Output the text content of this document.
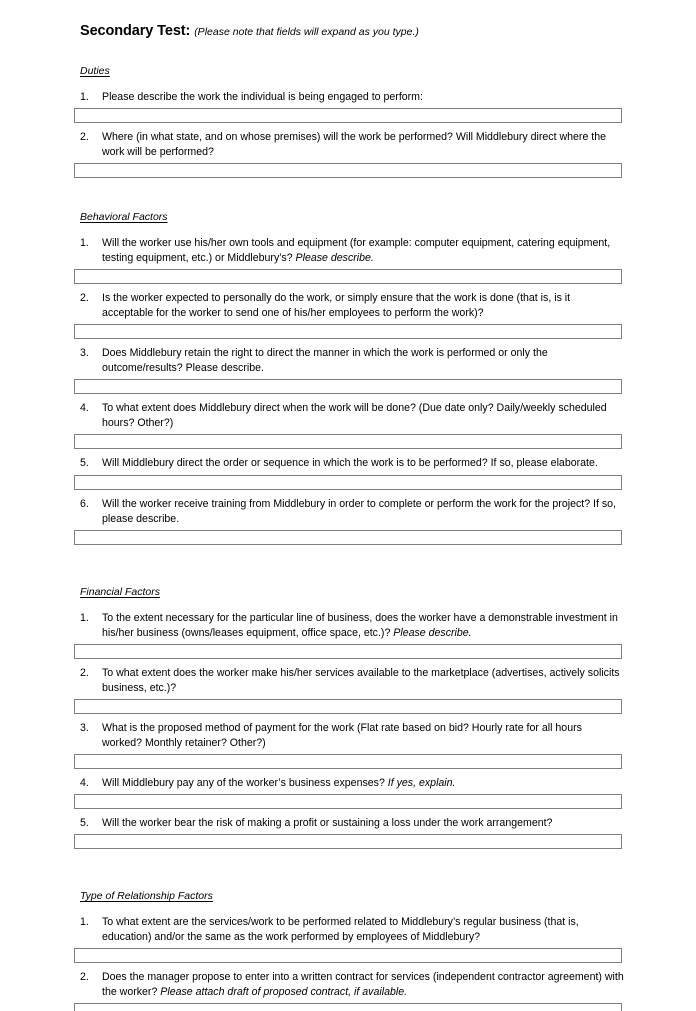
Secondary Test: (Please note that fields will expand as you type.)
Duties
1.	Please describe the work the individual is being engaged to perform:
2.	Where (in what state, and on whose premises) will the work be performed? Will Middlebury direct where the work will be performed?
Behavioral Factors
1.	Will the worker use his/her own tools and equipment (for example: computer equipment, catering equipment, testing equipment, etc.) or Middlebury’s? Please describe.
2.	Is the worker expected to personally do the work, or simply ensure that the work is done (that is, is it acceptable for the worker to send one of his/her employees to perform the work)?
3.	Does Middlebury retain the right to direct the manner in which the work is performed or only the outcome/results? Please describe.
4.	To what extent does Middlebury direct when the work will be done? (Due date only? Daily/weekly scheduled hours? Other?)
5.	Will Middlebury direct the order or sequence in which the work is to be performed? If so, please elaborate.
6.	Will the worker receive training from Middlebury in order to complete or perform the work for the project? If so, please describe.
Financial Factors
1.	To the extent necessary for the particular line of business, does the worker have a demonstrable investment in his/her business (owns/leases equipment, office space, etc.)? Please describe.
2.	To what extent does the worker make his/her services available to the marketplace (advertises, actively solicits business, etc.)?
3.	What is the proposed method of payment for the work (Flat rate based on bid? Hourly rate for all hours worked? Monthly retainer? Other?)
4.	Will Middlebury pay any of the worker’s business expenses? If yes, explain.
5.	Will the worker bear the risk of making a profit or sustaining a loss under the work arrangement?
Type of Relationship Factors
1.	To what extent are the services/work to be performed related to Middlebury’s regular business (that is, education) and/or the same as the work performed by employees of Middlebury?
2.	Does the manager propose to enter into a written contract for services (independent contractor agreement) with the worker? Please attach draft of proposed contract, if available.
